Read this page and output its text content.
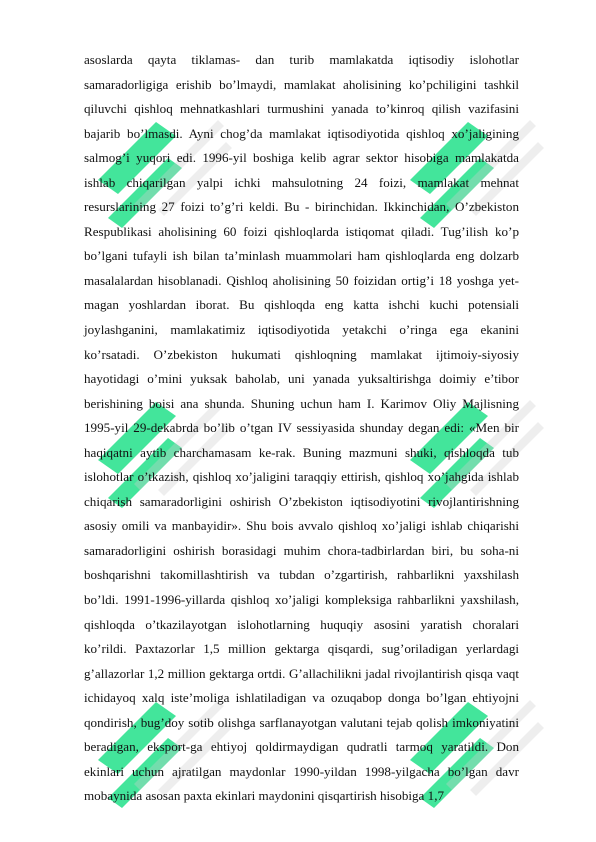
asoslarda qayta tiklamas- dan turib mamlakatda iqtisodiy islohotlar samaradorligiga erishib bo’lmaydi, mamlakat aholisining ko’pchiligini tashkil qiluvchi qishloq mehnatkashlari turmushini yanada to’kinroq qilish vazifasini bajarib bo’lmasdi. Ayni chog’da mamlakat iqtisodiyotida qishloq xo’jaligining salmog’i yuqori edi. 1996-yil boshiga kelib agrar sektor hisobiga mamlakatda ishlab chiqarilgan yalpi ichki mahsulotning 24 foizi, mamlakat mehnat resurslarining 27 foizi to’g’ri keldi. Bu - birinchidan. Ikkinchidan, O’zbekiston Respublikasi aholisining 60 foizi qishloqlarda istiqomat qiladi. Tug’ilish ko’p bo’lgani tufayli ish bilan ta’minlash muammolari ham qishloqlarda eng dolzarb masalalardan hisoblanadi. Qishloq aholisining 50 foizidan ortig’i 18 yoshga yet-magan yoshlardan iborat. Bu qishloqda eng katta ishchi kuchi potensiali joylashganini, mamlakatimiz iqtisodiyotida yetakchi o’ringa ega ekanini ko’rsatadi. O’zbekiston hukumati qishloqning mamlakat ijtimoiy-siyosiy hayotidagi o’mini yuksak baholab, uni yanada yuksaltirishga doimiy e’tibor berishining boisi ana shunda. Shuning uchun ham I. Karimov Oliy Majlisning 1995-yil 29-dekabrda bo’lib o’tgan IV sessiyasida shunday degan edi: «Men bir haqiqatni aytib charchamasam ke-rak. Buning mazmuni shuki, qishloqda tub islohotlar o’tkazish, qishloq xo’jaligini taraqqiy ettirish, qishloq xo’jahgida ishlab chiqarish samaradorligini oshirish O’zbekiston iqtisodiyotini rivojlantirishning asosiy omili va manbayidir». Shu bois avvalo qishloq xo’jaligi ishlab chiqarishi samaradorligini oshirish borasidagi muhim chora-tadbirlardan biri, bu soha-ni boshqarishni takomillashtirish va tubdan o’zgartirish, rahbarlikni yaxshilash bo’ldi. 1991-1996-yillarda qishloq xo’jaligi kompleksiga rahbarlikni yaxshilash, qishloqda o’tkazilayotgan islohotlarning huquqiy asosini yaratish choralari ko’rildi. Paxtazorlar 1,5 million gektarga qisqardi, sug’oriladigan yerlardagi g’allazorlar 1,2 million gektarga ortdi. G’allachilikni jadal rivojlantirish qisqa vaqt ichidayoq xalq iste’moliga ishlatiladigan va ozuqabop donga bo’lgan ehtiyojni qondirish, bug’doy sotib olishga sarflanayotgan valutani tejab qolish imkoniyatini beradigan, eksport-ga ehtiyoj qoldirmaydigan qudratli tarmoq yaratildi. Don ekinlari uchun ajratilgan maydonlar 1990-yildan 1998-yilgacha bo’lgan davr mobaynida asosan paxta ekinlari maydonini qisqartirish hisobiga 1,7
